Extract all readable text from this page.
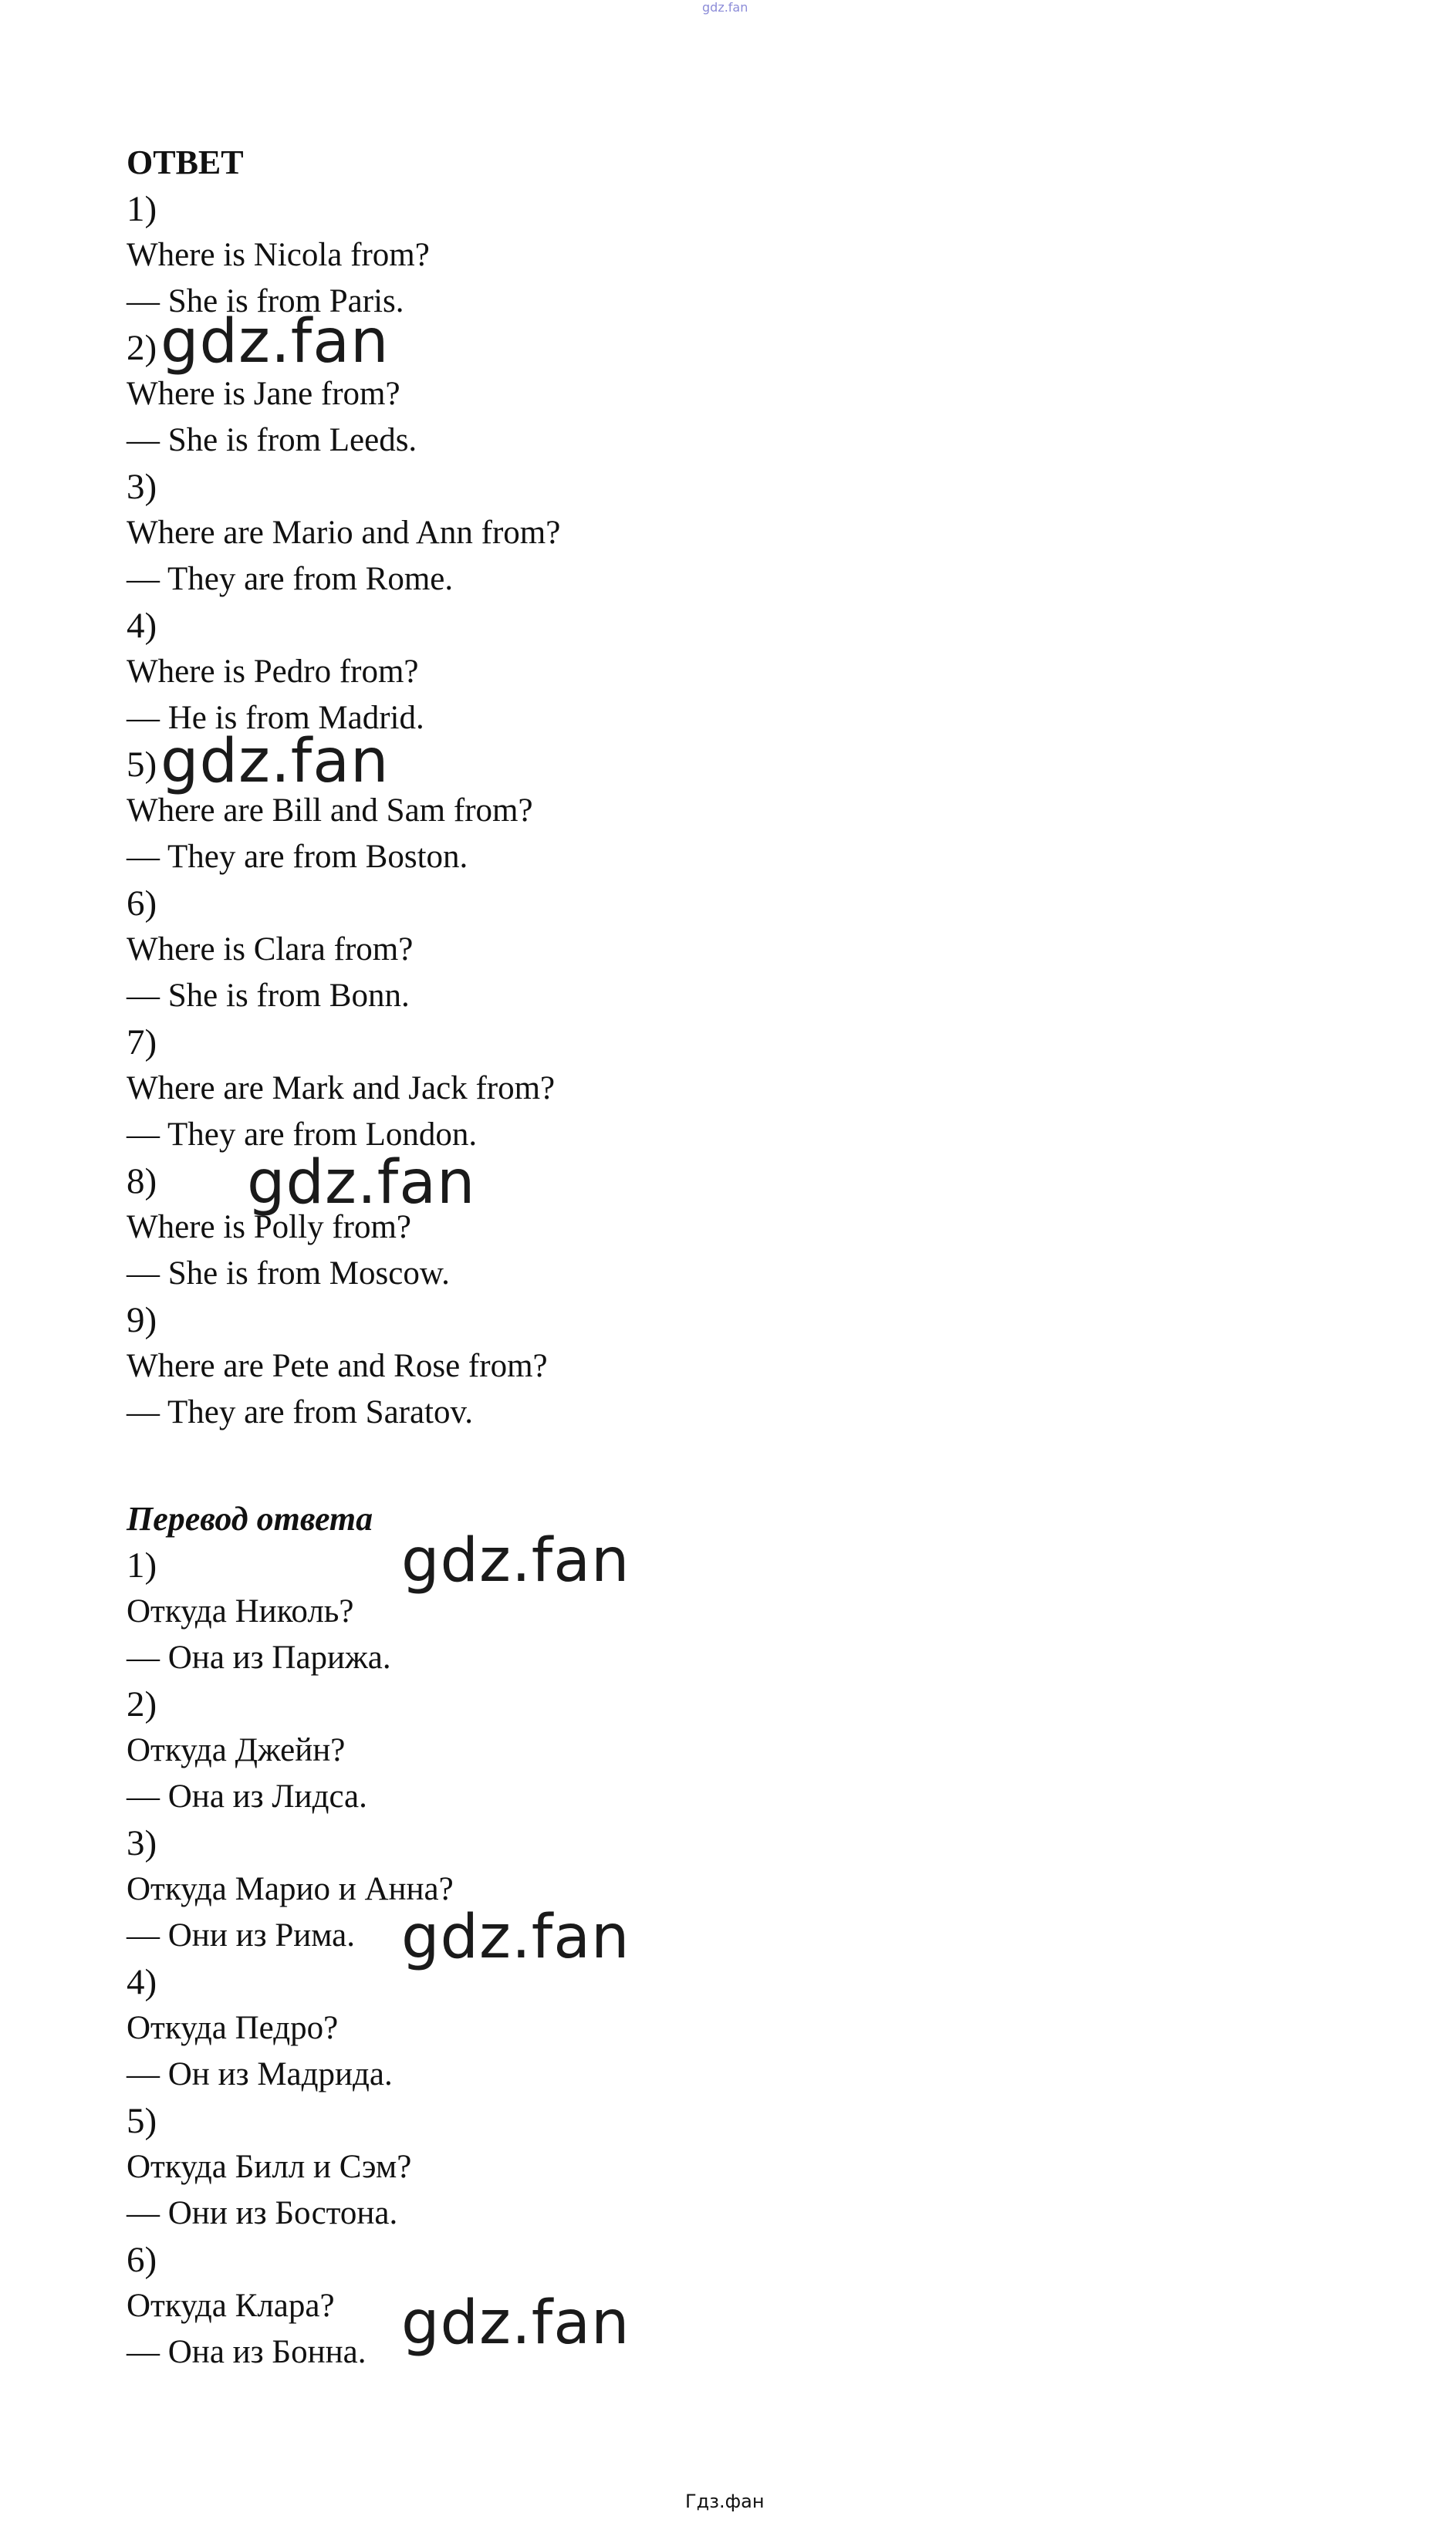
gdz.fan

ОТВЕТ

1)

Where is Nicola from?

— She is from Paris.

2)

Where is Jane from?

— She is from Leeds.

3)

Where are Mario and Ann from?

— They are from Rome.

4)

Where is Pedro from?

— He is from Madrid.

5)

Where are Bill and Sam from?

— They are from Boston.

6)

Where is Clara from?

— She is from Bonn.

7)

Where are Mark and Jack from?

— They are from London.

8)

Where is Polly from?

— She is from Moscow.

9)

Where are Pete and Rose from?

— They are from Saratov.

Перевод ответа

1)

Откуда Николь?

— Она из Парижа.

2)

Откуда Джейн?

— Она из Лидса.

3)

Откуда Марио и Анна?

— Они из Рима.

4)

Откуда Педро?

— Он из Мадрида.

5)

Откуда Билл и Сэм?

— Они из Бостона.

6)

Откуда Клара?

— Она из Бонна.

gdz.fan
gdz.fan
gdz.fan
gdz.fan
gdz.fan
gdz.fan
Гдз.фан
